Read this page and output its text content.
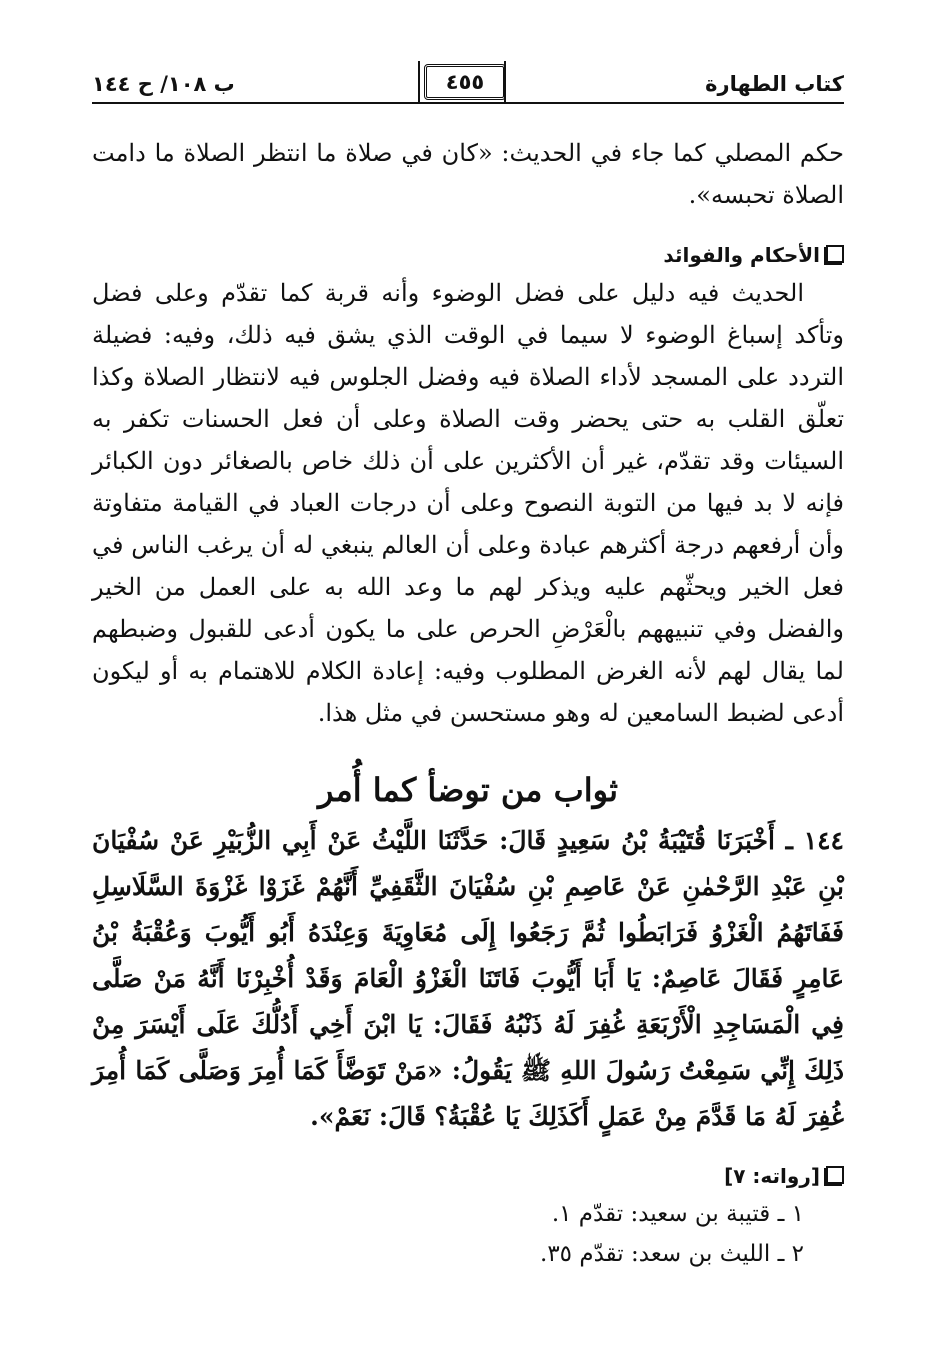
كتاب الطهارة
٤٥٥
ب ١٠٨/ ح ١٤٤

حكم المصلي كما جاء في الحديث: «كان في صلاة ما انتظر الصلاة ما دامت الصلاة تحبسه».

الأحكام والفوائد

الحديث فيه دليل على فضل الوضوء وأنه قربة كما تقدّم وعلى فضل وتأكد إسباغ الوضوء لا سيما في الوقت الذي يشق فيه ذلك، وفيه: فضيلة التردد على المسجد لأداء الصلاة فيه وفضل الجلوس فيه لانتظار الصلاة وكذا تعلّق القلب به حتى يحضر وقت الصلاة وعلى أن فعل الحسنات تكفر به السيئات وقد تقدّم، غير أن الأكثرين على أن ذلك خاص بالصغائر دون الكبائر فإنه لا بد فيها من التوبة النصوح وعلى أن درجات العباد في القيامة متفاوتة وأن أرفعهم درجة أكثرهم عبادة وعلى أن العالم ينبغي له أن يرغب الناس في فعل الخير ويحثّهم عليه ويذكر لهم ما وعد الله به على العمل من الخير والفضل وفي تنبيههم بالْعَرْضِ الحرص على ما يكون أدعى للقبول وضبطهم لما يقال لهم لأنه الغرض المطلوب وفيه: إعادة الكلام للاهتمام به أو ليكون أدعى لضبط السامعين له وهو مستحسن في مثل هذا.

ثواب من توضأ كما أُمر

١٤٤ ـ أَخْبَرَنَا قُتَيْبَةُ بْنُ سَعِيدٍ قَالَ: حَدَّثَنَا اللَّيْثُ عَنْ أَبِي الزُّبَيْرِ عَنْ سُفْيَانَ بْنِ عَبْدِ الرَّحْمٰنِ عَنْ عَاصِمِ بْنِ سُفْيَانَ الثَّقَفِيِّ أَنَّهُمْ غَزَوْا غَزْوَةَ السَّلَاسِلِ فَفَاتَهُمُ الْغَزْوُ فَرَابَطُوا ثُمَّ رَجَعُوا إِلَى مُعَاوِيَةَ وَعِنْدَهُ أَبُو أَيُّوبَ وَعُقْبَةُ بْنُ عَامِرٍ فَقَالَ عَاصِمٌ: يَا أَبَا أَيُّوبَ فَاتَنَا الْغَزْوُ الْعَامَ وَقَدْ أُخْبِرْنَا أَنَّهُ مَنْ صَلَّى فِي الْمَسَاجِدِ الْأَرْبَعَةِ غُفِرَ لَهُ ذَنْبُهُ فَقَالَ: يَا ابْنَ أَخِي أَدُلُّكَ عَلَى أَيْسَرَ مِنْ ذَلِكَ إِنِّي سَمِعْتُ رَسُولَ اللهِ ﷺ يَقُولُ: «مَنْ تَوَضَّأَ كَمَا أُمِرَ وَصَلَّى كَمَا أُمِرَ غُفِرَ لَهُ مَا قَدَّمَ مِنْ عَمَلٍ أَكَذَلِكَ يَا عُقْبَةُ؟ قَالَ: نَعَمْ».

[رواته: ٧]
١ ـ قتيبة بن سعيد: تقدّم ١.
٢ ـ الليث بن سعد: تقدّم ٣٥.
